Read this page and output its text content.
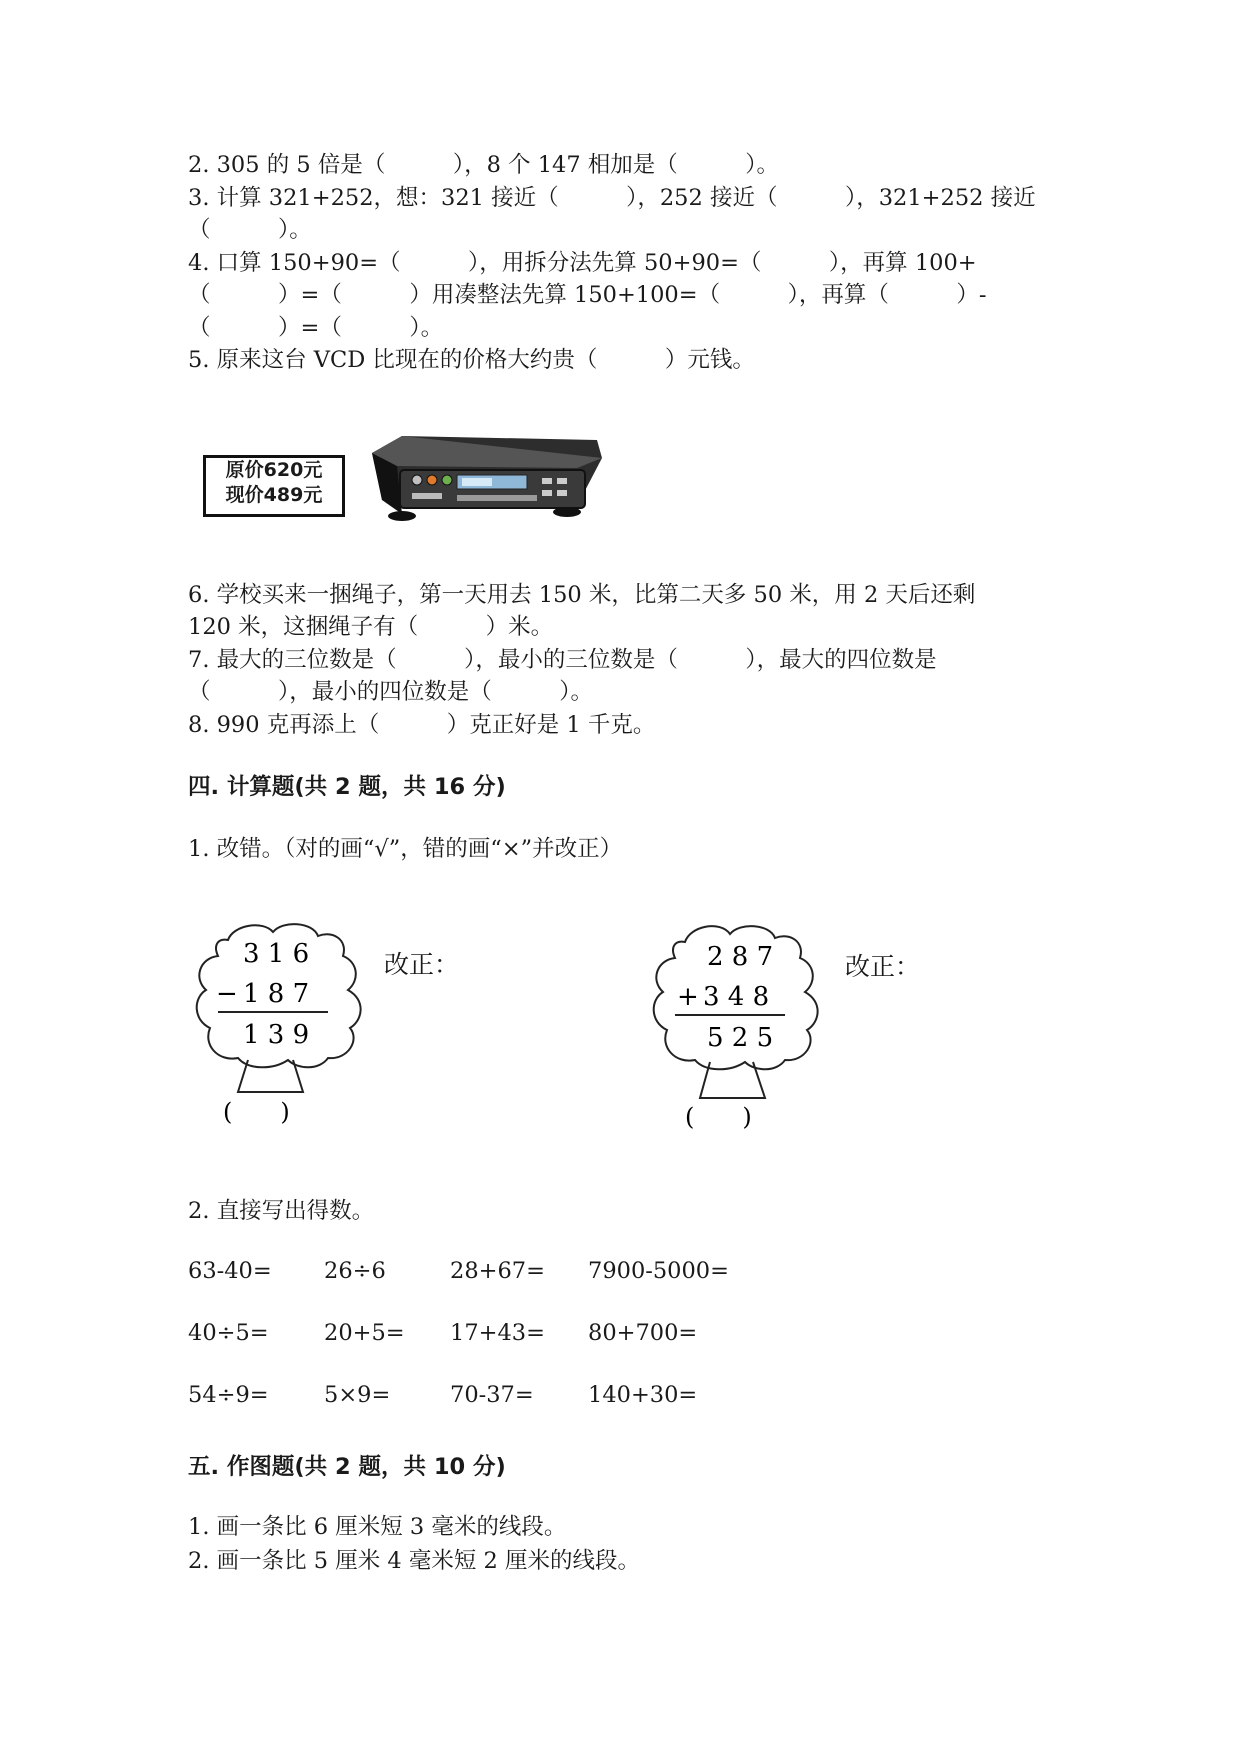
2. 305 的 5 倍是（　　　），8 个 147 相加是（　　　）。
3. 计算 321+252，想：321 接近（　　　），252 接近（　　　），321+252 接近
（　　　）。
4. 口算 150+90=（　　　），用拆分法先算 50+90=（　　　），再算 100+
（　　　）=（　　　）用凑整法先算 150+100=（　　　），再算（　　　）-
（　　　）=（　　　）。
5. 原来这台 VCD 比现在的价格大约贵（　　　）元钱。
原价620元
现价489元
6. 学校买来一捆绳子，第一天用去 150 米，比第二天多 50 米，用 2 天后还剩
120 米，这捆绳子有（　　　）米。
7. 最大的三位数是（　　　），最小的三位数是（　　　），最大的四位数是
（　　　），最小的四位数是（　　　）。
8. 990 克再添上（　　　）克正好是 1 千克。
四. 计算题(共 2 题，共 16 分)
1. 改错。（对的画“√”，错的画“×”并改正）
3 1 6
− 1 8 7
1 3 9
(　　)
改正：	2 8 7
+ 3 4 8
5 2 5
(　　)
改正：
2. 直接写出得数。
63-40= 26÷6	28+67= 7900-5000=
40÷5= 20+5= 17+43= 80+700=
54÷9= 5×9=	70-37= 140+30=
五. 作图题(共 2 题，共 10 分)
1. 画一条比 6 厘米短 3 毫米的线段。
2. 画一条比 5 厘米 4 毫米短 2 厘米的线段。
